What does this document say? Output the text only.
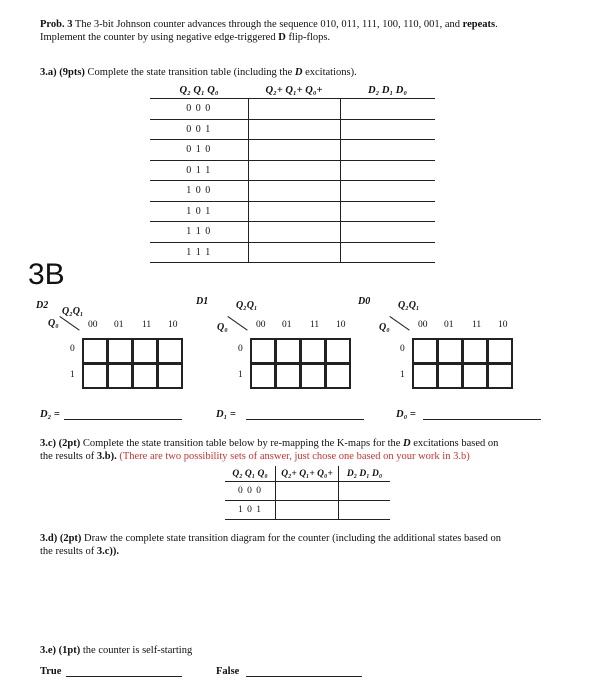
Prob. 3 The 3-bit Johnson counter advances through the sequence 010, 011, 111, 100, 110, 001, and repeats.

Implement the counter by using negative edge-triggered D flip-flops.

3.a) (9pts) Complete the state transition table (including the D excitations).

Q₂ Q₁ Q₀	Q₂+ Q₁+ Q₀+	D₂ D₁ D₀
0 0 0		
0 0 1		
0 1 0		
0 1 1		
1 0 0		
1 0 1		
1 1 0		
1 1 1		
3B
D2
Q₂Q₁
Q₀	00 01 11 10
0
1
D₂ =
D1	Q₂Q₁
Q₀	00 01 11 10
0
1
D₁ =
D0	Q₂Q₁
Q₀	00 01 11 10
0
1
D₀ =

3.c) (2pt) Complete the state transition table below by re-mapping the K-maps for the D excitations based on

the results of 3.b). (There are two possibility sets of answer, just chose one based on your work in 3.b)

Q₂ Q₁ Q₀	Q₂+ Q₁+ Q₀+	D₂ D₁ D₀
0 0 0		
1 0 1		

3.d) (2pt) Draw the complete state transition diagram for the counter (including the additional states based on

the results of 3.c)).

3.e) (1pt) the counter is self-starting

True	False
